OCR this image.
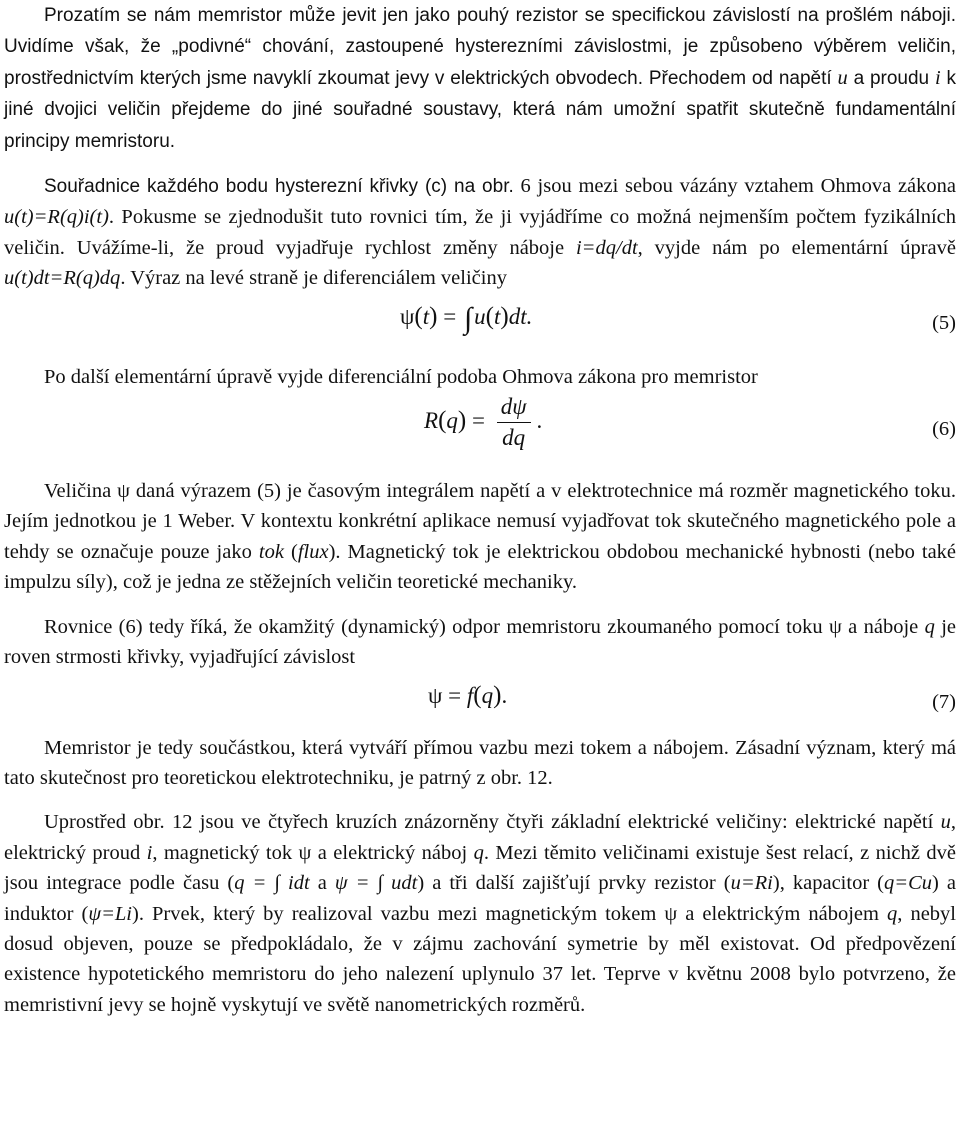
Prozatím se nám memristor může jevit jen jako pouhý rezistor se specifickou závislostí na prošlém náboji. Uvidíme však, že „podivné“ chování, zastoupené hysterezními závislostmi, je způsobeno výběrem veličin, prostřednictvím kterých jsme navyklí zkoumat jevy v elektrických obvodech. Přechodem od napětí u a proudu i k jiné dvojici veličin přejdeme do jiné souřadné soustavy, která nám umožní spatřit skutečně fundamentální principy memristoru.

Souřadnice každého bodu hysterezní křivky (c) na obr. 6 jsou mezi sebou vázány vztahem Ohmova zákona u(t)=R(q)i(t). Pokusme se zjednodušit tuto rovnici tím, že ji vyjádříme co možná nejmenším počtem fyzikálních veličin. Uvážíme-li, že proud vyjadřuje rychlost změny náboje i=dq/dt, vyjde nám po elementární úpravě u(t)dt=R(q)dq. Výraz na levé straně je diferenciálem veličiny

ψ(t) = ∫u(t)dt.	(5)

Po další elementární úpravě vyjde diferenciální podoba Ohmova zákona pro memristor

$R(q) = \frac{d\psi}{dq}$ .	(6)

Veličina ψ daná výrazem (5) je časovým integrálem napětí a v elektrotechnice má rozměr magnetického toku. Jejím jednotkou je 1 Weber. V kontextu konkrétní aplikace nemusí vyjadřovat tok skutečného magnetického pole a tehdy se označuje pouze jako tok (flux). Magnetický tok je elektrickou obdobou mechanické hybnosti (nebo také impulzu síly), což je jedna ze stěžejních veličin teoretické mechaniky.

Rovnice (6) tedy říká, že okamžitý (dynamický) odpor memristoru zkoumaného pomocí toku ψ a náboje q je roven strmosti křivky, vyjadřující závislost

ψ = f(q).	(7)

Memristor je tedy součástkou, která vytváří přímou vazbu mezi tokem a nábojem. Zásadní význam, který má tato skutečnost pro teoretickou elektrotechniku, je patrný z obr. 12.

Uprostřed obr. 12 jsou ve čtyřech kruzích znázorněny čtyři základní elektrické veličiny: elektrické napětí u, elektrický proud i, magnetický tok ψ a elektrický náboj q. Mezi těmito veličinami existuje šest relací, z nichž dvě jsou integrace podle času (q = ∫ idt a ψ = ∫ udt) a tři další zajišťují prvky rezistor (u=Ri), kapacitor (q=Cu) a induktor (ψ=Li). Prvek, který by realizoval vazbu mezi magnetickým tokem ψ a elektrickým nábojem q, nebyl dosud objeven, pouze se předpokládalo, že v zájmu zachování symetrie by měl existovat. Od předpovězení existence hypotetického memristoru do jeho nalezení uplynulo 37 let. Teprve v květnu 2008 bylo potvrzeno, že memristivní jevy se hojně vyskytují ve světě nanometrických rozměrů.
